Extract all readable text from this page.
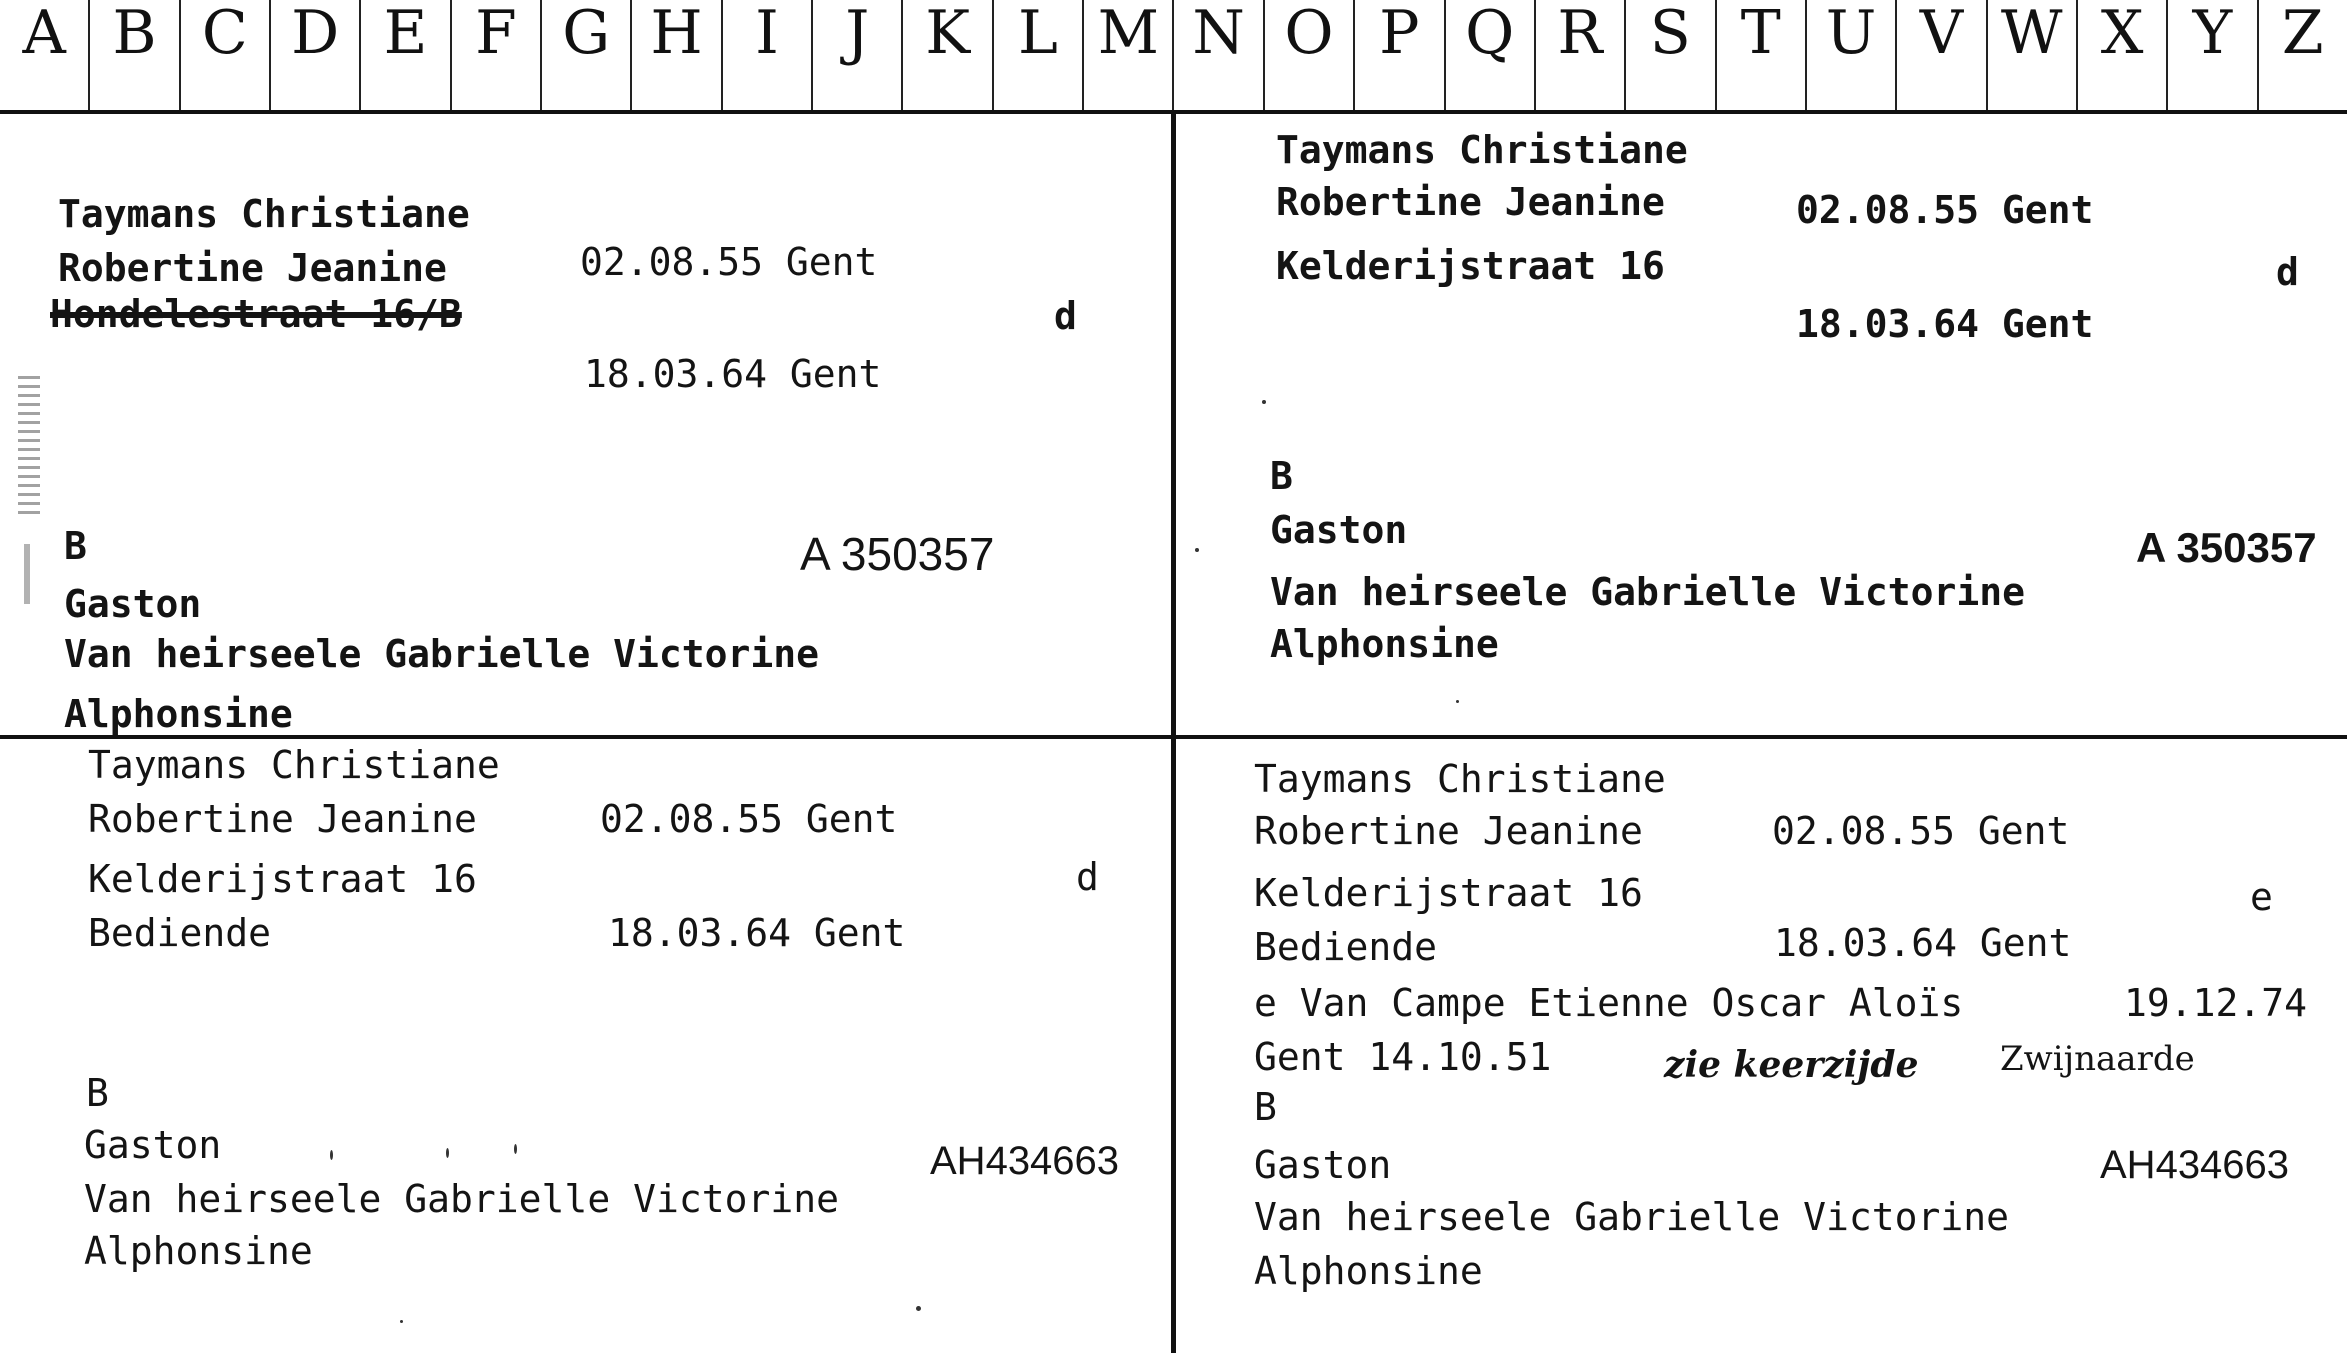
A B C D E F G H I	J K L M N O P Q R S T U V W X Y Z
Taymans Christiane
Robertine Jeanine	02.08.55 Gent
Hondelestraat 16/B	d
18.03.64 Gent
B
Gaston
Van heirseele Gabrielle Victorine
Alphonsine
A 350357
Taymans Christiane
Robertine Jeanine	02.08.55 Gent
Kelderijstraat 16	d
18.03.64 Gent
B
Gaston
Van heirseele Gabrielle Victorine
Alphonsine
A 350357
Taymans Christiane
Robertine Jeanine	02.08.55 Gent
Kelderijstraat 16	d
Bediende	18.03.64 Gent
B
Gaston
Van heirseele Gabrielle Victorine
Alphonsine
AH434663
Taymans Christiane
Robertine Jeanine	02.08.55 Gent
Kelderijstraat 16	e
Bediende	18.03.64 Gent
e Van Campe Etienne Oscar Aloïs	19.12.74
Gent 14.10.51	zie keerzijde Zwijnaarde
B
Gaston
Van heirseele Gabrielle Victorine
Alphonsine
AH434663
